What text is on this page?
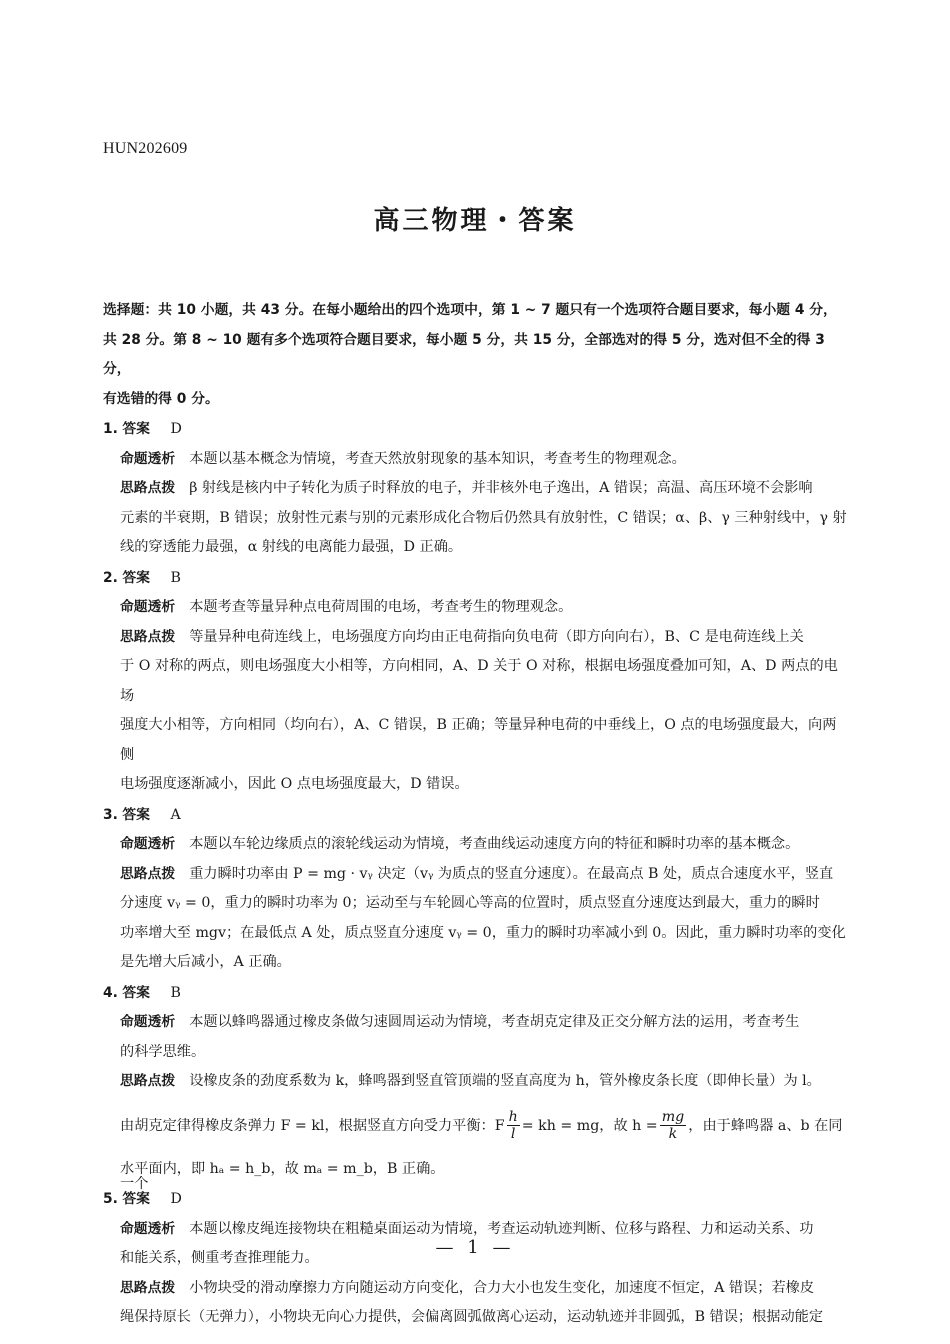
HUN202609
高三物理・答案
选择题：共 10 小题，共 43 分。在每小题给出的四个选项中，第 1 ~ 7 题只有一个选项符合题目要求，每小题 4 分，
共 28 分。第 8 ~ 10 题有多个选项符合题目要求，每小题 5 分，共 15 分，全部选对的得 5 分，选对但不全的得 3 分，
有选错的得 0 分。
1. 答案 D
命题透析 本题以基本概念为情境，考查天然放射现象的基本知识，考查考生的物理观念。
思路点拨 β 射线是核内中子转化为质子时释放的电子，并非核外电子逸出，A 错误；高温、高压环境不会影响
元素的半衰期，B 错误；放射性元素与别的元素形成化合物后仍然具有放射性，C 错误；α、β、γ 三种射线中，γ 射
线的穿透能力最强，α 射线的电离能力最强，D 正确。
2. 答案 B
命题透析 本题考查等量异种点电荷周围的电场，考查考生的物理观念。
思路点拨 等量异种电荷连线上，电场强度方向均由正电荷指向负电荷（即方向向右），B、C 是电荷连线上关
于 O 对称的两点，则电场强度大小相等，方向相同，A、D 关于 O 对称，根据电场强度叠加可知，A、D 两点的电场
强度大小相等，方向相同（均向右），A、C 错误，B 正确；等量异种电荷的中垂线上，O 点的电场强度最大，向两侧
电场强度逐渐减小，因此 O 点电场强度最大，D 错误。
3. 答案 A
命题透析 本题以车轮边缘质点的滚轮线运动为情境，考查曲线运动速度方向的特征和瞬时功率的基本概念。
思路点拨 重力瞬时功率由 P = mg · vᵧ 决定（vᵧ 为质点的竖直分速度）。在最高点 B 处，质点合速度水平，竖直
分速度 vᵧ = 0，重力的瞬时功率为 0；运动至与车轮圆心等高的位置时，质点竖直分速度达到最大，重力的瞬时
功率增大至 mgv；在最低点 A 处，质点竖直分速度 vᵧ = 0，重力的瞬时功率减小到 0。因此，重力瞬时功率的变化
是先增大后减小，A 正确。
4. 答案 B
命题透析 本题以蜂鸣器通过橡皮条做匀速圆周运动为情境，考查胡克定律及正交分解方法的运用，考查考生
的科学思维。
思路点拨 设橡皮条的劲度系数为 k，蜂鸣器到竖直管顶端的竖直高度为 h，管外橡皮条长度（即伸长量）为 l。
由胡克定律得橡皮条弹力 F = kl，根据竖直方向受力平衡：F $\frac{h}{l}$ = kh = mg，故 $h = \frac{mg}{k}$ ，由于蜂鸣器 a、b 在同一个
水平面内，即 hₐ = h_b，故 mₐ = m_b，B 正确。
5. 答案 D
命题透析 本题以橡皮绳连接物块在粗糙桌面运动为情境，考查运动轨迹判断、位移与路程、力和运动关系、功
和能关系，侧重考查推理能力。
思路点拨 小物块受的滑动摩擦力方向随运动方向变化，合力大小也发生变化，加速度不恒定，A 错误；若橡皮
绳保持原长（无弹力），小物块无向心力提供，会偏离圆弧做离心运动，运动轨迹并非圆弧，B 错误；根据动能定
— 1 —
